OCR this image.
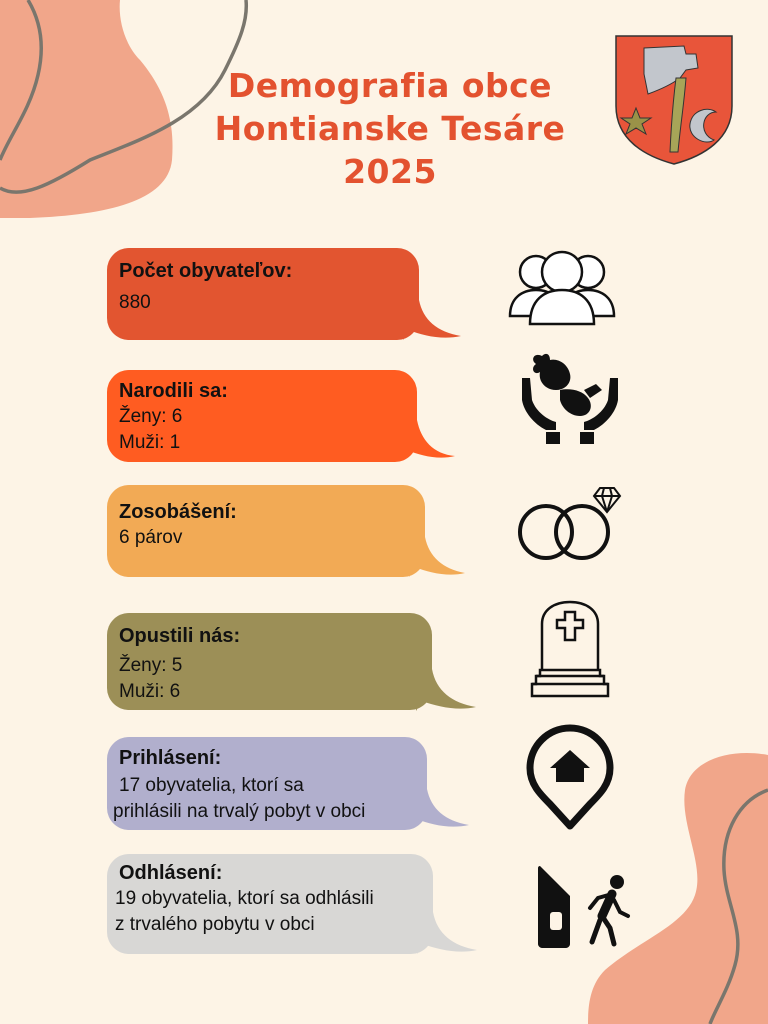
Demografia obce
Hontianske Tesáre
2025
Počet obyvateľov:
880
Narodili sa:
Ženy: 6
Muži: 1
Zosobášení:
6 párov
Opustili nás:
Ženy: 5
Muži: 6
Prihlásení:
17 obyvatelia, ktorí sa
prihlásili na trvalý pobyt v obci
Odhlásení:
19 obyvatelia, ktorí sa odhlásili
z trvalého pobytu v obci
